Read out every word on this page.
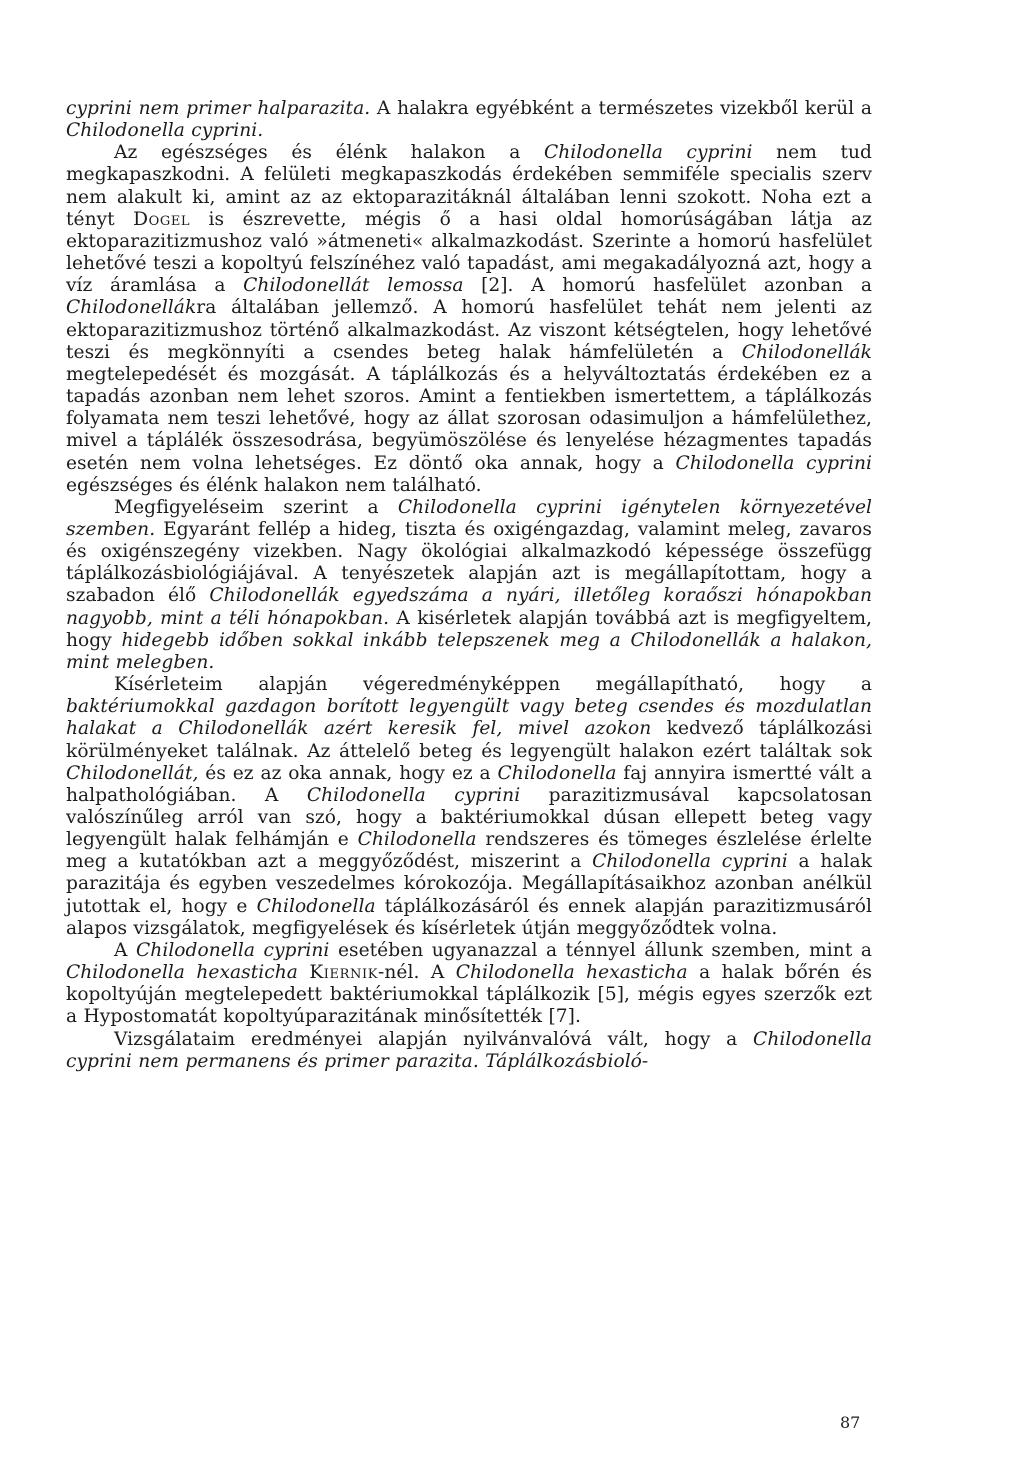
cyprini nem primer halparazita. A halakra egyébként a természetes vizekből kerül a Chilodonella cyprini.

Az egészséges és élénk halakon a Chilodonella cyprini nem tud megkapaszkodni. A felületi megkapaszkodás érdekében semmiféle specialis szerv nem alakult ki, amint az az ektoparazitáknál általában lenni szokott. Noha ezt a tényt Dogel is észrevette, mégis ő a hasi oldal homorúságában látja az ektoparazitizmushoz való »átmeneti« alkalmazkodást. Szerinte a homorú hasfelület lehetővé teszi a kopoltyú felszínéhez való tapadást, ami megakadályozná azt, hogy a víz áramlása a Chilodonellát lemossa [2]. A homorú hasfelület azonban a Chilodonellákra általában jellemző. A homorú hasfelület tehát nem jelenti az ektoparazitizmushoz történő alkalmazkodást. Az viszont kétségtelen, hogy lehetővé teszi és megkönnyíti a csendes beteg halak hámfelületén a Chilodonellák megtelepedését és mozgását. A táplálkozás és a helyváltoztatás érdekében ez a tapadás azonban nem lehet szoros. Amint a fentiekben ismertettem, a táplálkozás folyamata nem teszi lehetővé, hogy az állat szorosan odasimuljon a hámfelülethez, mivel a táplálék összesodrása, begyümöszölése és lenyelése hézagmentes tapadás esetén nem volna lehetséges. Ez döntő oka annak, hogy a Chilodonella cyprini egészséges és élénk halakon nem található.

Megfigyeléseim szerint a Chilodonella cyprini igénytelen környezetével szemben. Egyaránt fellép a hideg, tiszta és oxigéngazdag, valamint meleg, zavaros és oxigénszegény vizekben. Nagy ökológiai alkalmazkodó képessége összefügg táplálkozásbiológiájával. A tenyészetek alapján azt is megállapítottam, hogy a szabadon élő Chilodonellák egyedszáma a nyári, illetőleg koraőszi hónapokban nagyobb, mint a téli hónapokban. A kisérletek alapján továbbá azt is megfigyeltem, hogy hidegebb időben sokkal inkább telepszenek meg a Chilodonellák a halakon, mint melegben.

Kísérleteim alapján végeredményképpen megállapítható, hogy a baktériumokkal gazdagon borított legyengült vagy beteg csendes és mozdulatlan halakat a Chilodonellák azért keresik fel, mivel azokon kedvező táplálkozási körülményeket találnak. Az áttelelő beteg és legyengült halakon ezért találtak sok Chilodonellát, és ez az oka annak, hogy ez a Chilodonella faj annyira ismertté vált a halpathológiában. A Chilodonella cyprini parazitizmusával kapcsolatosan valószínűleg arról van szó, hogy a baktériumokkal dúsan ellepett beteg vagy legyengült halak felhámján e Chilodonella rendszeres és tömeges észlelése érlelte meg a kutatókban azt a meggyőződést, miszerint a Chilodonella cyprini a halak parazitája és egyben veszedelmes kórokozója. Megállapításaikhoz azonban anélkül jutottak el, hogy e Chilodonella táplálkozásáról és ennek alapján parazitizmusáról alapos vizsgálatok, megfigyelések és kísérletek útján meggyőződtek volna.

A Chilodonella cyprini esetében ugyanazzal a ténnyel állunk szemben, mint a Chilodonella hexasticha Kiernik-nél. A Chilodonella hexasticha a halak bőrén és kopoltyúján megtelepedett baktériumokkal táplálkozik [5], mégis egyes szerzők ezt a Hypostomatát kopoltyúparazitának minősítették [7].

Vizsgálataim eredményei alapján nyilvánvalóvá vált, hogy a Chilodonella cyprini nem permanens és primer parazita. Táplálkozásbioló-

87
